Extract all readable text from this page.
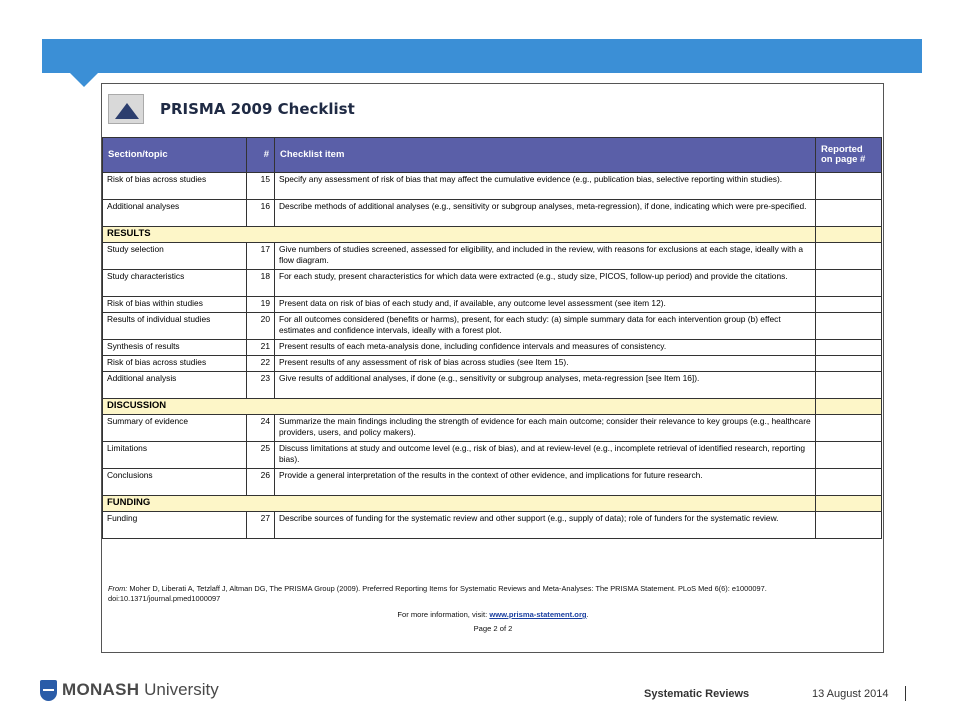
PRISMA 2009 Checklist
Section/topic	#	Checklist item	Reported on page #
Risk of bias across studies	15	Specify any assessment of risk of bias that may affect the cumulative evidence (e.g., publication bias, selective reporting within studies).	
Additional analyses	16	Describe methods of additional analyses (e.g., sensitivity or subgroup analyses, meta-regression), if done, indicating which were pre-specified.	
RESULTS			
Study selection	17	Give numbers of studies screened, assessed for eligibility, and included in the review, with reasons for exclusions at each stage, ideally with a flow diagram.	
Study characteristics	18	For each study, present characteristics for which data were extracted (e.g., study size, PICOS, follow-up period) and provide the citations.	
Risk of bias within studies	19	Present data on risk of bias of each study and, if available, any outcome level assessment (see item 12).	
Results of individual studies	20	For all outcomes considered (benefits or harms), present, for each study: (a) simple summary data for each intervention group (b) effect estimates and confidence intervals, ideally with a forest plot.	
Synthesis of results	21	Present results of each meta-analysis done, including confidence intervals and measures of consistency.	
Risk of bias across studies	22	Present results of any assessment of risk of bias across studies (see Item 15).	
Additional analysis	23	Give results of additional analyses, if done (e.g., sensitivity or subgroup analyses, meta-regression [see Item 16]).	
DISCUSSION			
Summary of evidence	24	Summarize the main findings including the strength of evidence for each main outcome; consider their relevance to key groups (e.g., healthcare providers, users, and policy makers).	
Limitations	25	Discuss limitations at study and outcome level (e.g., risk of bias), and at review-level (e.g., incomplete retrieval of identified research, reporting bias).	
Conclusions	26	Provide a general interpretation of the results in the context of other evidence, and implications for future research.	
FUNDING			
Funding	27	Describe sources of funding for the systematic review and other support (e.g., supply of data); role of funders for the systematic review.	
From: Moher D, Liberati A, Tetzlaff J, Altman DG, The PRISMA Group (2009). Preferred Reporting Items for Systematic Reviews and Meta-Analyses: The PRISMA Statement. PLoS Med 6(6): e1000097. doi:10.1371/journal.pmed1000097
For more information, visit: www.prisma-statement.org.
Page 2 of 2
MONASH University	Systematic Reviews	13 August 2014
